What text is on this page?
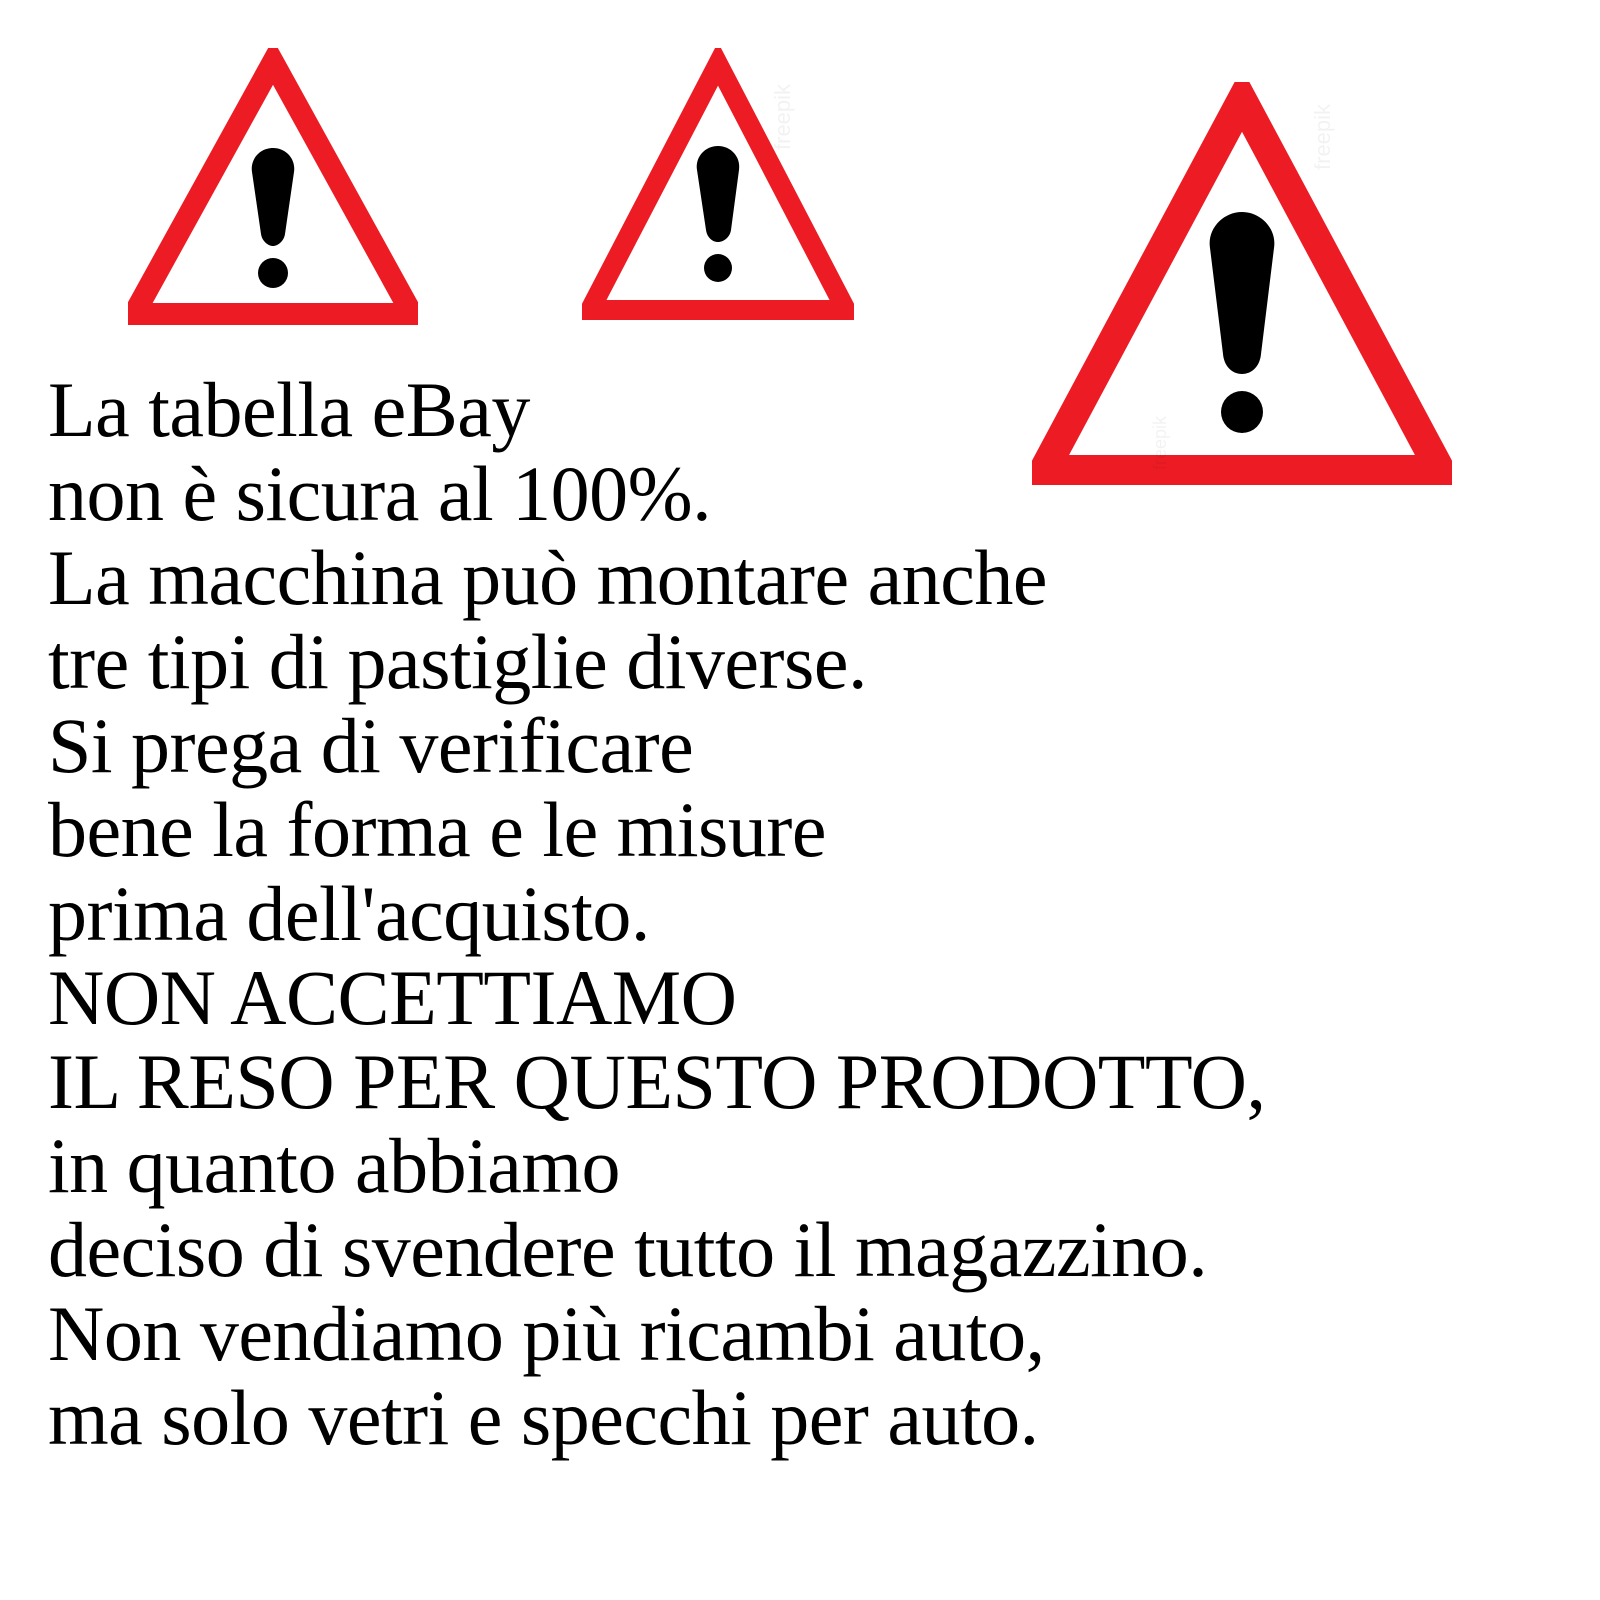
La tabella eBay
non è sicura al 100%.
La macchina può montare anche
tre tipi di pastiglie diverse.
Si prega di verificare
bene la forma e le misure
prima dell'acquisto.
NON ACCETTIAMO
IL RESO PER QUESTO PRODOTTO,
in quanto abbiamo
deciso di svendere tutto il magazzino.
Non vendiamo più ricambi auto,
ma solo vetri e specchi per auto.
freepik	freepik
freepik
